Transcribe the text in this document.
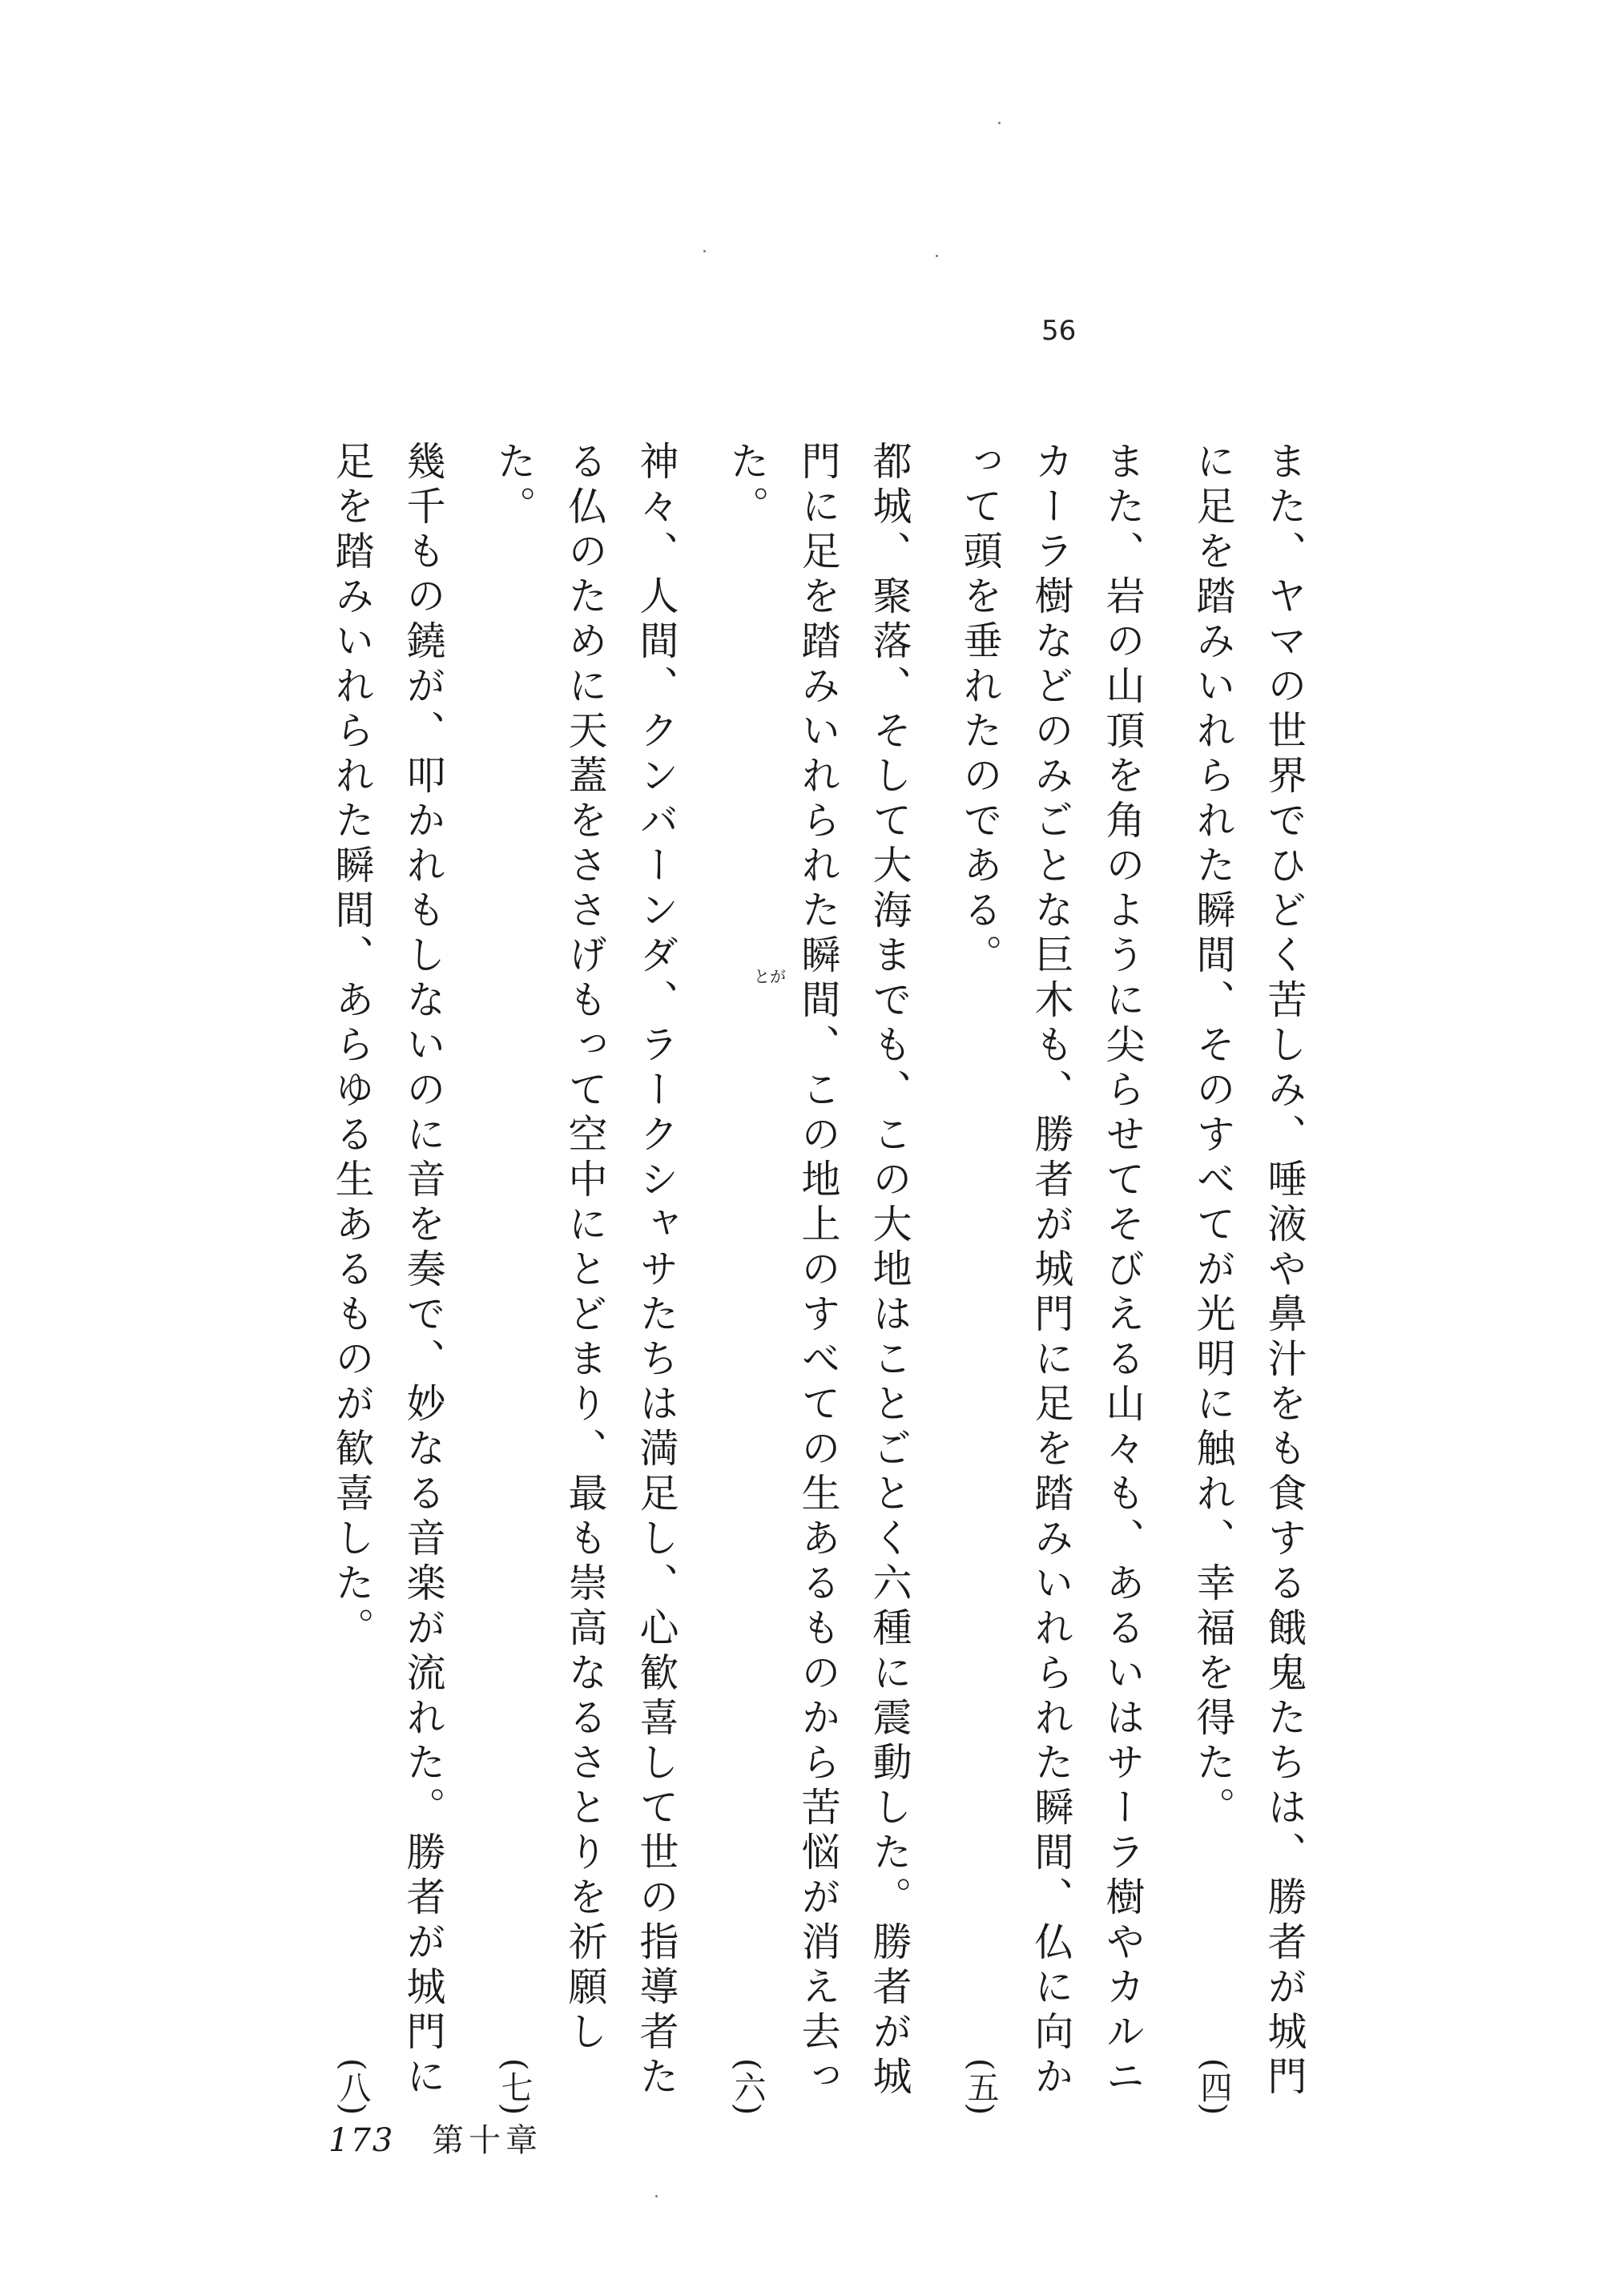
56
また、ヤマの世界でひどく苦しみ、唾液や鼻汁をも食する餓鬼たちは、勝者が城門に足を踏みいれられた瞬間、そのすべてが光明に触れ、幸福を得た。
(四)
また、岩の山頂を角のように尖らせてそびえる山々も、あるいはサーラ樹やカルニカーラ樹などのみごとな巨木も、勝者が城門に足を踏みいれられた瞬間、仏に向かって頭を垂れたのである。
(五)
都城、聚落、そして大海までも、この大地はことごとく六種に震動した。勝者が城門に足を踏みいれられた瞬間、この地上のすべての生あるものから苦悩が消え去った。
(六)
神々、人間、クンバーンダ、ラークシャサたちは満足し、心歓喜して世の指導者たる仏のために天蓋をささげもって空中にとどまり、最も崇高なるさとりを祈願した。
(七)
幾千もの鐃が、叩かれもしないのに音を奏で、妙なる音楽が流れた。勝者が城門に足を踏みいれられた瞬間、あらゆる生あるものが歓喜した。
(八)
とが
173 第十章
